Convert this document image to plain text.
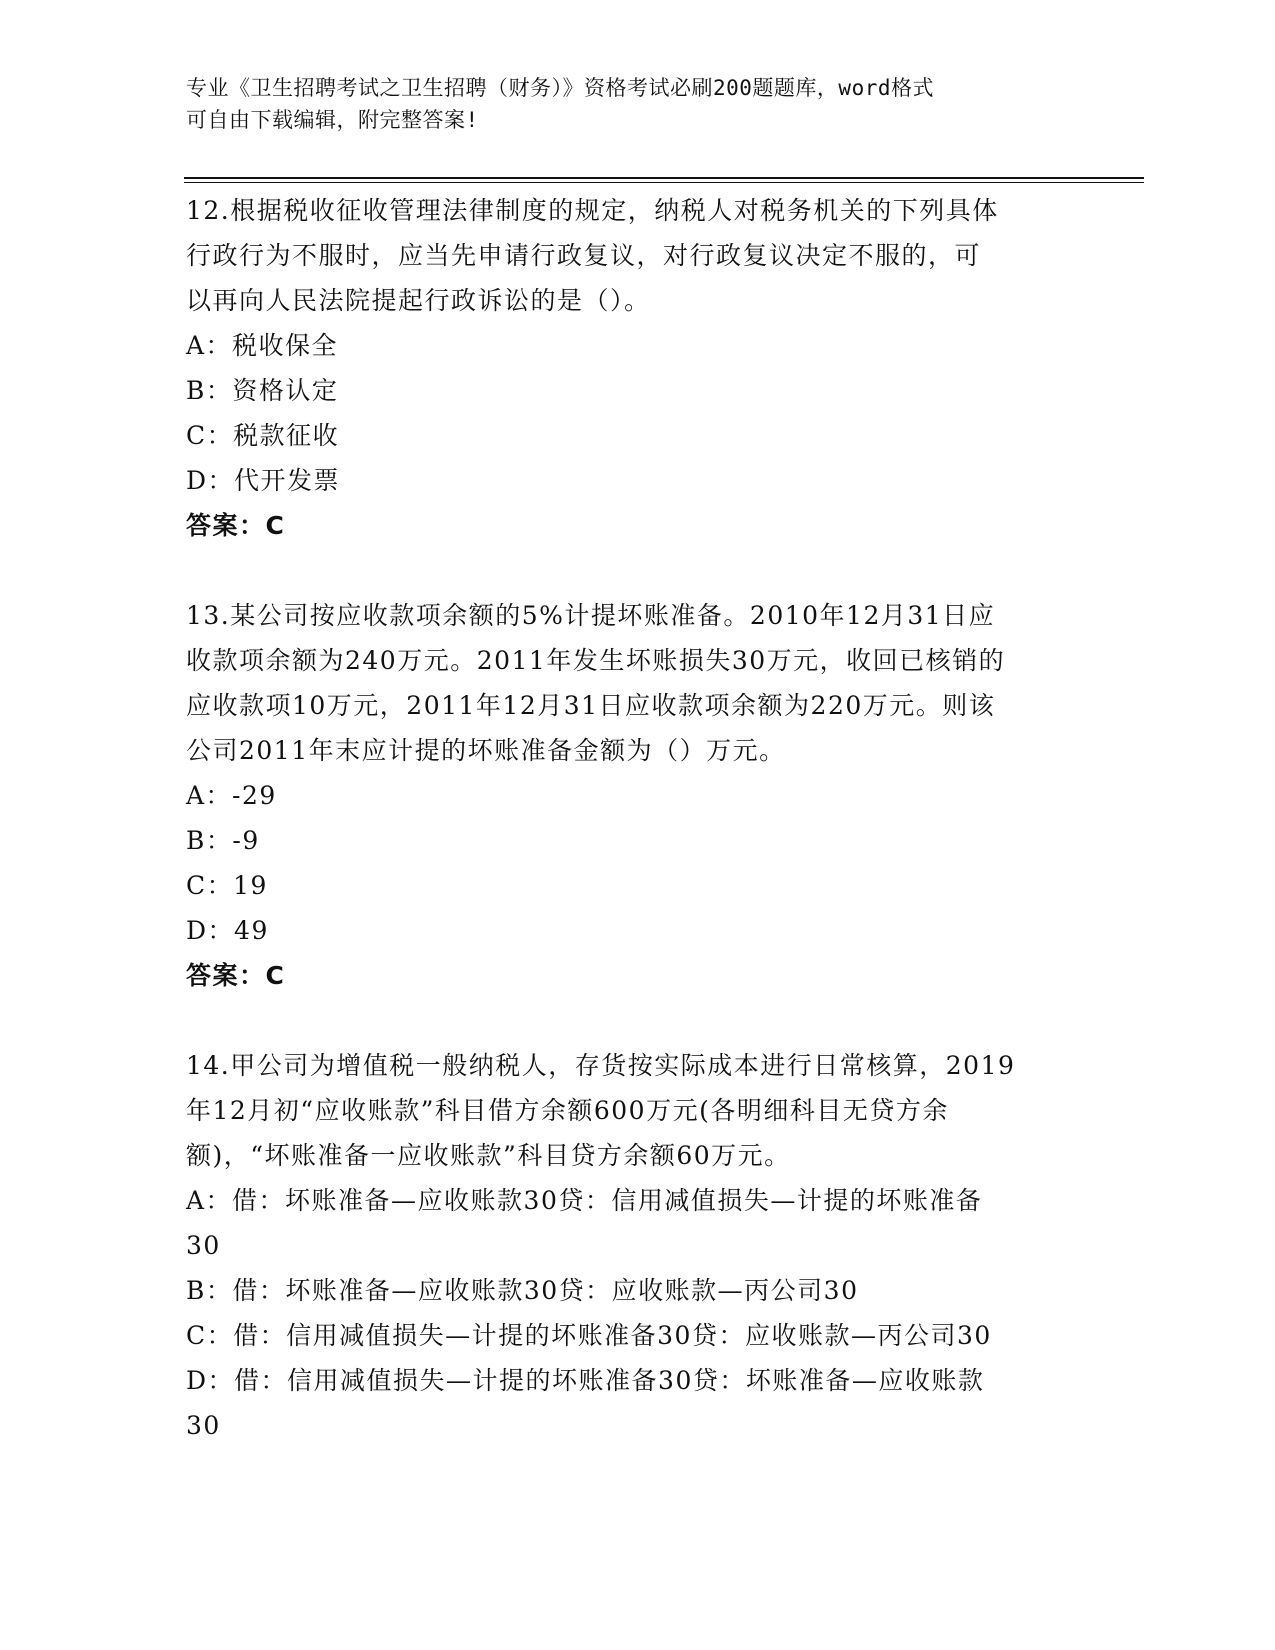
专业《卫生招聘考试之卫生招聘（财务）》资格考试必刷200题题库，word格式
可自由下载编辑，附完整答案!
12.根据税收征收管理法律制度的规定，纳税人对税务机关的下列具体
行政行为不服时，应当先申请行政复议，对行政复议决定不服的，可
以再向人民法院提起行政诉讼的是（）。
A：税收保全
B：资格认定
C：税款征收
D：代开发票
答案：C
13.某公司按应收款项余额的5%计提坏账准备。2010年12月31日应
收款项余额为240万元。2011年发生坏账损失30万元，收回已核销的
应收款项10万元，2011年12月31日应收款项余额为220万元。则该
公司2011年末应计提的坏账准备金额为（）万元。
A：-29
B：-9
C：19
D：49
答案：C
14.甲公司为增值税一般纳税人，存货按实际成本进行日常核算，2019
年12月初“应收账款”科目借方余额600万元(各明细科目无贷方余
额)，“坏账准备一应收账款”科目贷方余额60万元。
A：借：坏账准备—应收账款30贷：信用减值损失—计提的坏账准备
30
B：借：坏账准备—应收账款30贷：应收账款—丙公司30
C：借：信用减值损失—计提的坏账准备30贷：应收账款—丙公司30
D：借：信用减值损失—计提的坏账准备30贷：坏账准备—应收账款
30
